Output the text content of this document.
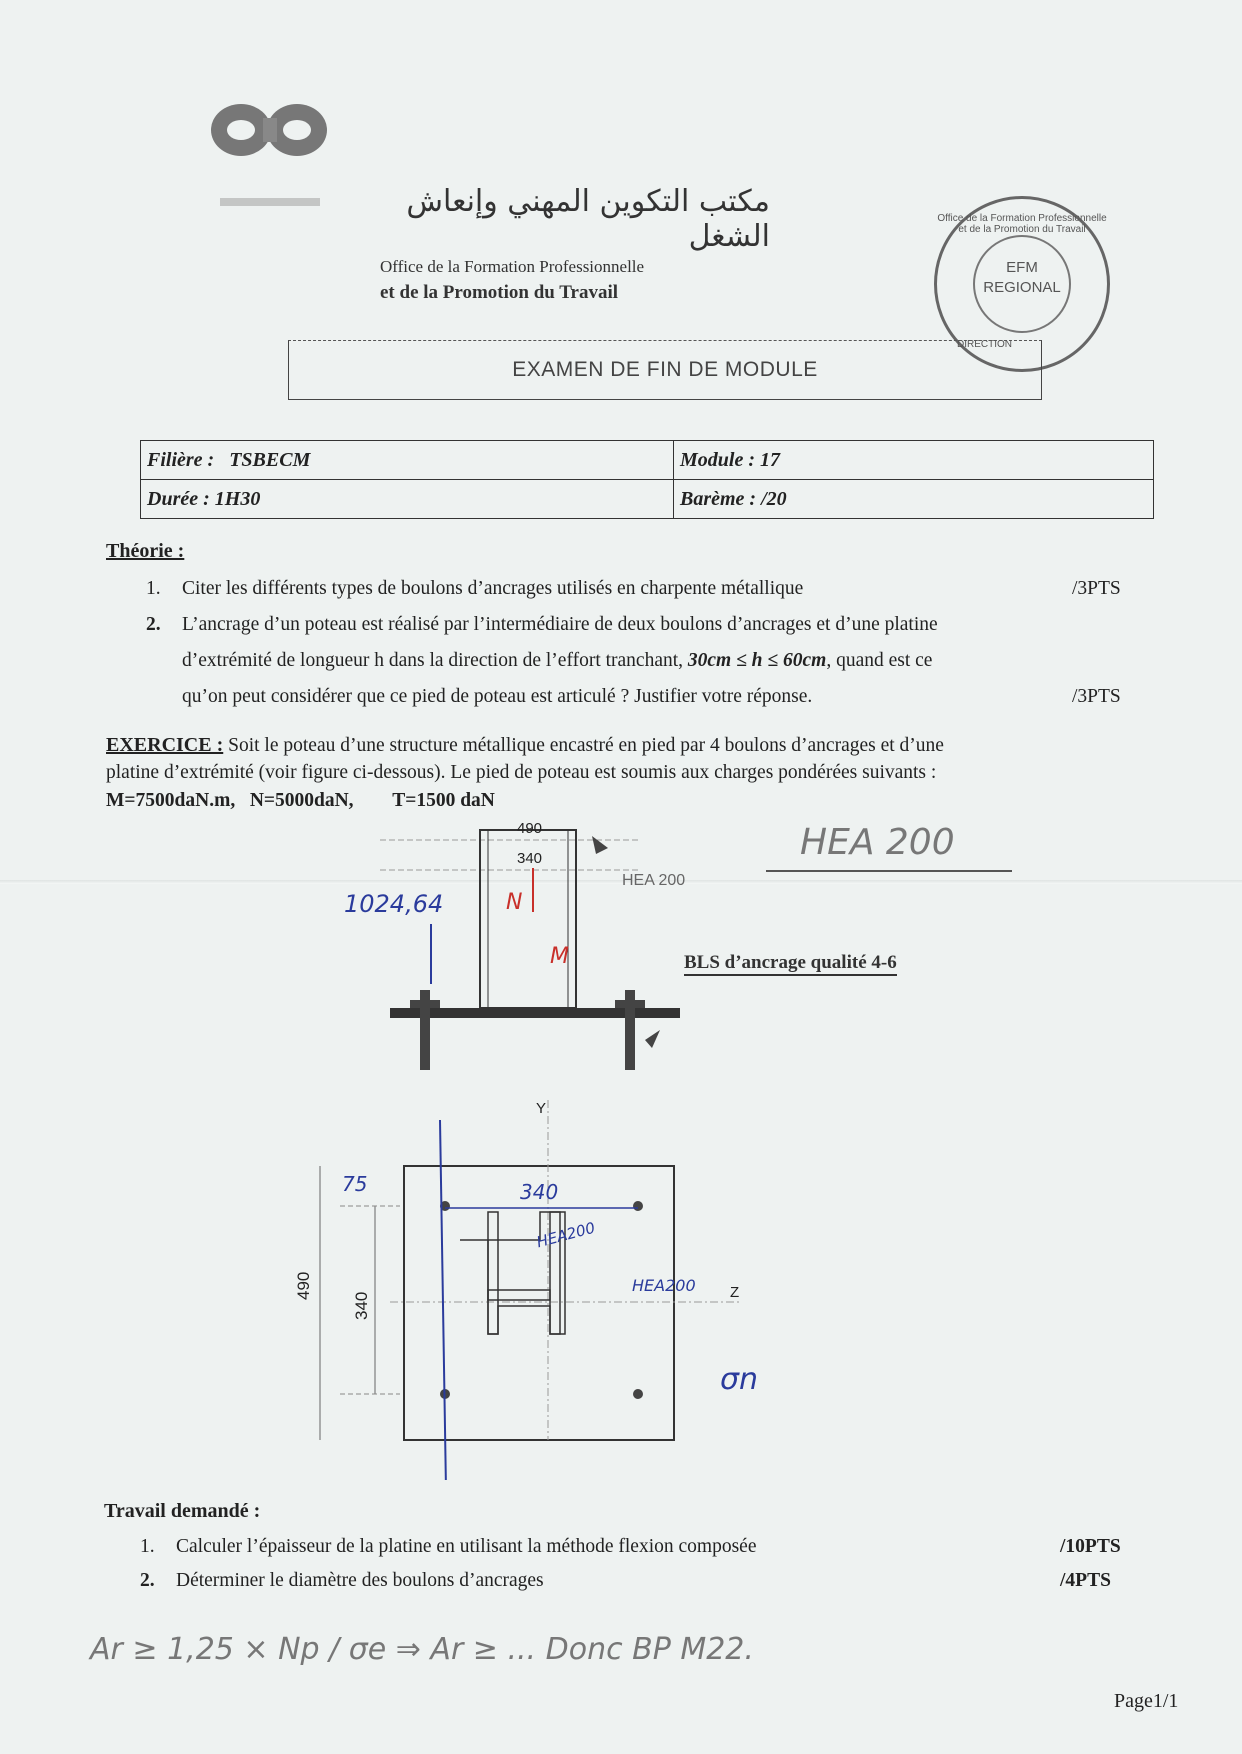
مكتب التكوين المهني وإنعاش الشغل
Office de la Formation Professionnelle
et de la Promotion du Travail
Office de la Formation Professionnelle et de la Promotion du Travail
EFM
REGIONAL
DIRECTION
EXAMEN DE FIN DE MODULE
Filière : TSBECM	Module : 17
Durée : 1H30	Barème : /20
Théorie :
1. Citer les différents types de boulons d’ancrages utilisés en charpente métallique	/3PTS
2. L’ancrage d’un poteau est réalisé par l’intermédiaire de deux boulons d’ancrages et d’une platine
d’extrémité de longueur h dans la direction de l’effort tranchant, 30cm ≤ h ≤ 60cm, quand est ce
qu’on peut considérer que ce pied de poteau est articulé ? Justifier votre réponse.	/3PTS
EXERCICE : Soit le poteau d’une structure métallique encastré en pied par 4 boulons d’ancrages et d’une
platine d’extrémité (voir figure ci-dessous). Le pied de poteau est soumis aux charges pondérées suivants :
M=7500daN.m,   N=5000daN,        T=1500 daN
490
340
HEA 200
BLS d’ancrage qualité 4-6
Y
Z
490
340
HEA 200
1024,64	N
M
75	340
HEA200
HEA200
σn
Travail demandé :
1. Calculer l’épaisseur de la platine en utilisant la méthode flexion composée	/10PTS
2. Déterminer le diamètre des boulons d’ancrages	/4PTS
Ar ≥ 1,25 × Np / σe ⇒ Ar ≥ ... Donc BP M22.
Page1/1
